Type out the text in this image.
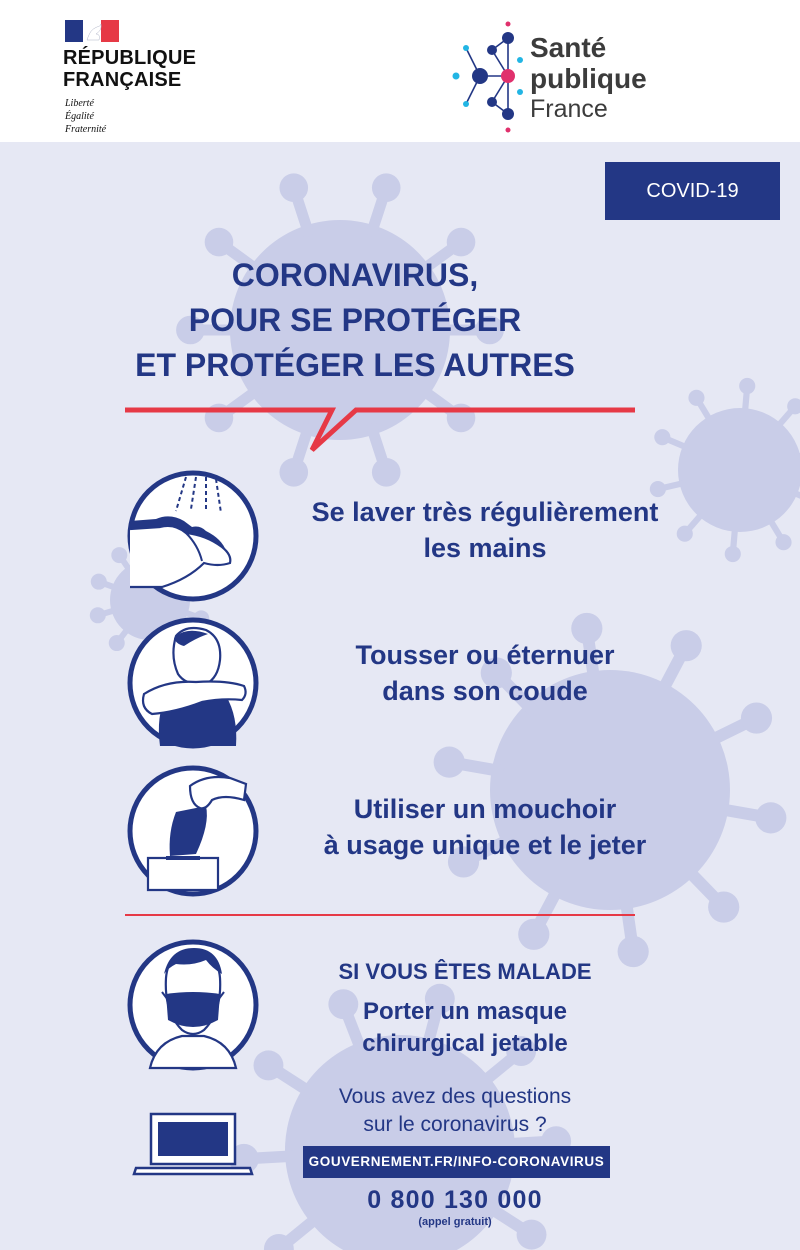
RÉPUBLIQUE FRANÇAISE
Liberté
Égalité
Fraternité
Santé
publique
France
COVID-19
CORONAVIRUS,
POUR SE PROTÉGER
ET PROTÉGER LES AUTRES
Se laver très régulièrement
les mains
Tousser ou éternuer
dans son coude
Utiliser un mouchoir
à usage unique et le jeter
SI VOUS ÊTES MALADE
Porter un masque
chirurgical jetable
Vous avez des questions
sur le coronavirus ?
GOUVERNEMENT.FR/INFO-CORONAVIRUS
0 800 130 000
(appel gratuit)
